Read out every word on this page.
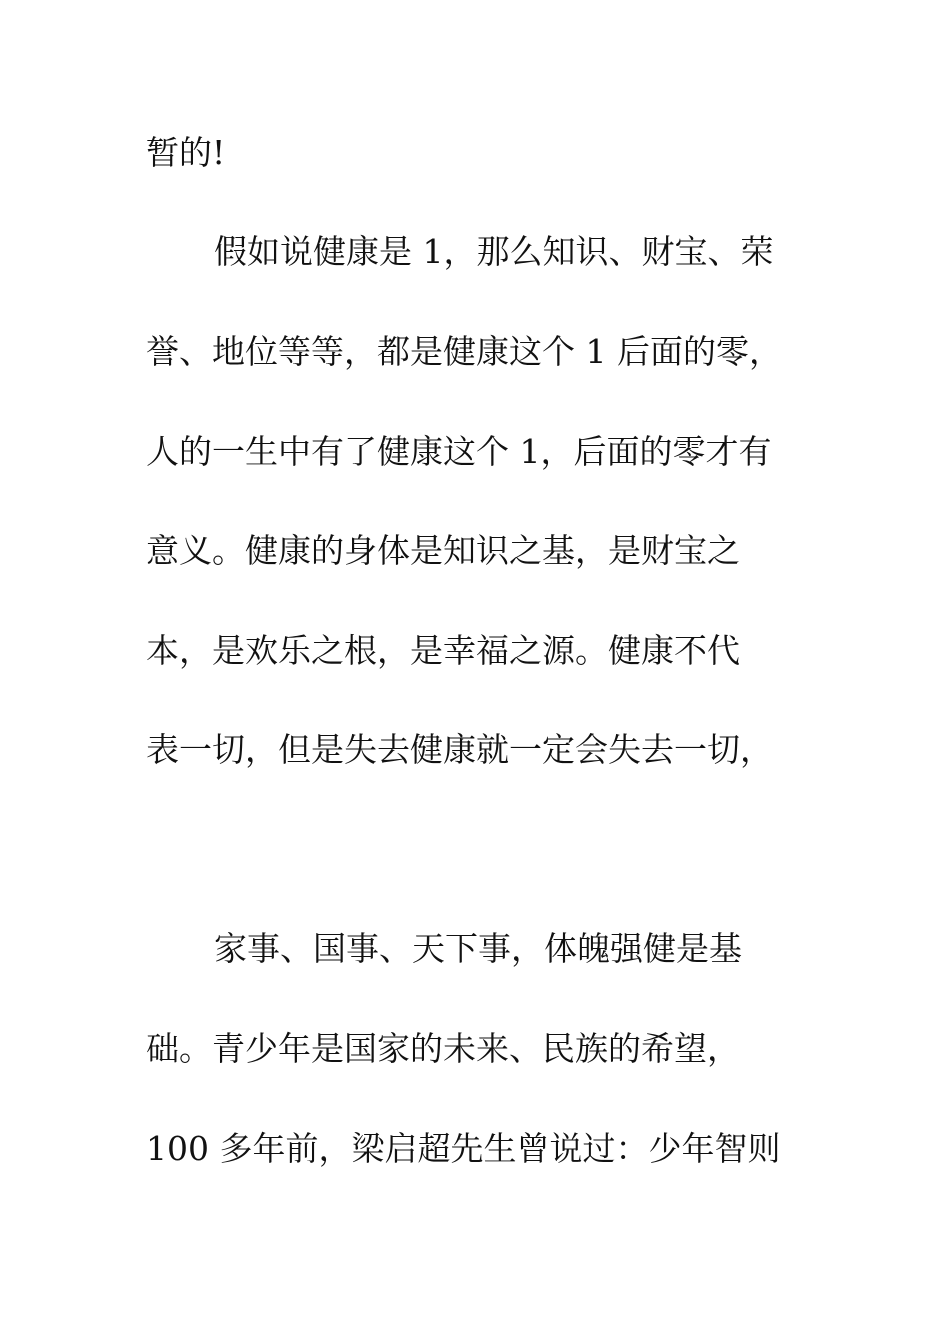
暂的!
假如说健康是 1，那么知识、财宝、荣
誉、地位等等，都是健康这个 1 后面的零，
人的一生中有了健康这个 1，后面的零才有
意义。健康的身体是知识之基，是财宝之
本，是欢乐之根，是幸福之源。健康不代
表一切，但是失去健康就一定会失去一切，
家事、国事、天下事，体魄强健是基
础。青少年是国家的未来、民族的希望，
100 多年前，梁启超先生曾说过：少年智则
